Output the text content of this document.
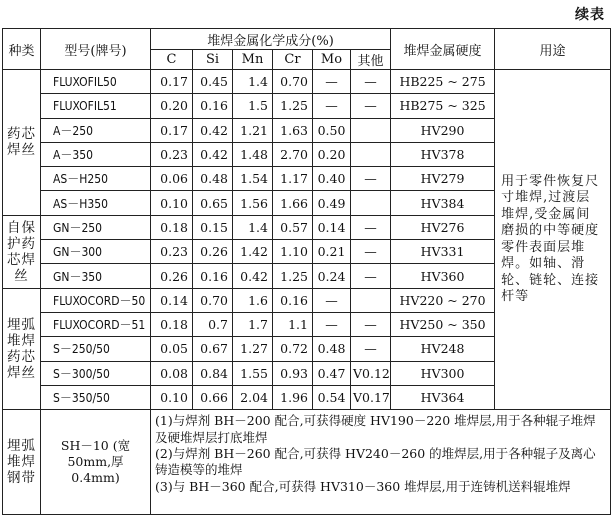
续表
种类	型号(牌号)	堆焊金属化学成分(%)						堆焊金属硬度	用途
		C	Si	Mn	Cr	Mo	其他		
药芯焊丝	FLUXOFIL50	0.17	0.45	1.4	0.70	—	—	HB225 ~ 275	用于零件恢复尺寸堆焊,过渡层堆焊,受金属间磨损的中等硬度零件表面层堆焊。如轴、滑轮、链轮、连接杆等
	FLUXOFIL51	0.20	0.16	1.5	1.25	—	—	HB275 ~ 325	
	A－250	0.17	0.42	1.21	1.63	0.50		HV290	
	A－350	0.23	0.42	1.48	2.70	0.20		HV378	
	AS－H250	0.06	0.48	1.54	1.17	0.40	—	HV279	
	AS－H350	0.10	0.65	1.56	1.66	0.49		HV384	
自保护药芯焊丝	GN－250	0.18	0.15	1.4	0.57	0.14	—	HV276	
	GN－300	0.23	0.26	1.42	1.10	0.21	—	HV331	
	GN－350	0.26	0.16	0.42	1.25	0.24	—	HV360	
埋弧堆焊药芯焊丝	FLUXOCORD－50	0.14	0.70	1.6	0.16	—		HV220 ~ 270	
	FLUXOCORD－51	0.18	0.7	1.7	1.1	—	—	HV250 ~ 350	
	S－250/50	0.05	0.67	1.27	0.72	0.48	—	HV248	
	S－300/50	0.08	0.84	1.55	0.93	0.47	V0.12	HV300	
	S－350/50	0.10	0.66	2.04	1.96	0.54	V0.17	HV364	
埋弧堆焊钢带	SH－10 (宽 50mm,厚 0.4mm)	(1)与焊剂 BH－200 配合,可获得硬度 HV190－220 堆焊层,用于各种辊子堆焊及硬堆焊层打底堆焊
(2)与焊剂 BH－260 配合,可获得 HV240－260 的堆焊层,用于各种辊子及离心铸造模等的堆焊
(3)与 BH－360 配合,可获得 HV310－360 堆焊层,用于连铸机送料辊堆焊							
